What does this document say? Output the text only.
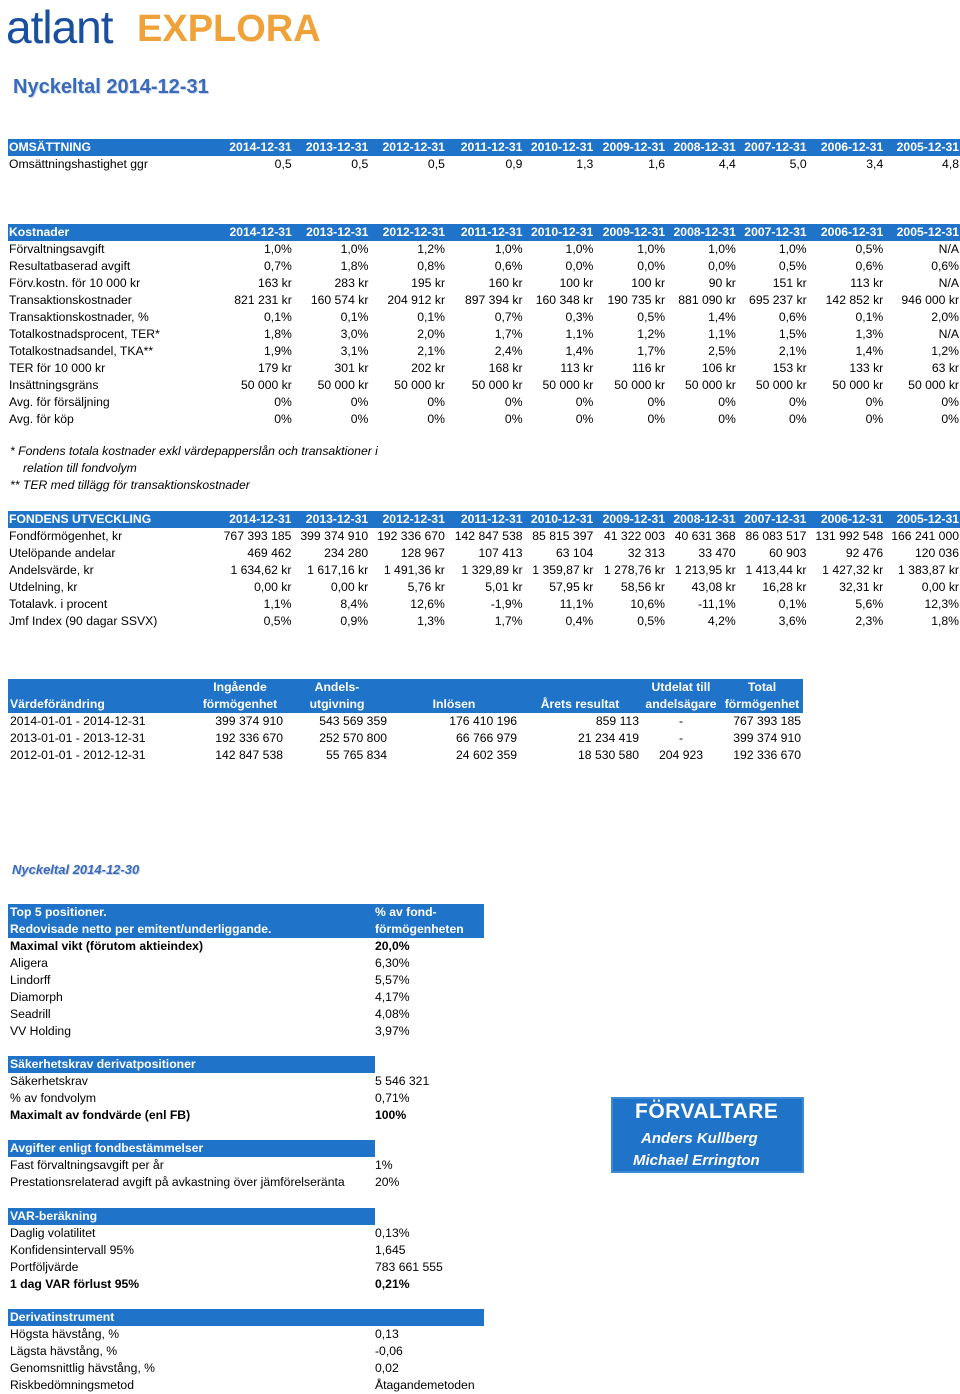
atlant EXPLORA
Nyckeltal 2014-12-31
OMSÄTTNING	2014-12-31	2013-12-31	2012-12-31	2011-12-31	2010-12-31	2009-12-31	2008-12-31	2007-12-31	2006-12-31	2005-12-31
Omsättningshastighet ggr	0,5	0,5	0,5	0,9	1,3	1,6	4,4	5,0	3,4	4,8
Kostnader	2014-12-31	2013-12-31	2012-12-31	2011-12-31	2010-12-31	2009-12-31	2008-12-31	2007-12-31	2006-12-31	2005-12-31
Förvaltningsavgift	1,0%	1,0%	1,2%	1,0%	1,0%	1,0%	1,0%	1,0%	0,5%	N/A
Resultatbaserad avgift	0,7%	1,8%	0,8%	0,6%	0,0%	0,0%	0,0%	0,5%	0,6%	0,6%
Förv.kostn. för 10 000 kr	163 kr	283 kr	195 kr	160 kr	100 kr	100 kr	90 kr	151 kr	113 kr	N/A
Transaktionskostnader	821 231 kr	160 574 kr	204 912 kr	897 394 kr	160 348 kr	190 735 kr	881 090 kr	695 237 kr	142 852 kr	946 000 kr
Transaktionskostnader, %	0,1%	0,1%	0,1%	0,7%	0,3%	0,5%	1,4%	0,6%	0,1%	2,0%
Totalkostnadsprocent, TER*	1,8%	3,0%	2,0%	1,7%	1,1%	1,2%	1,1%	1,5%	1,3%	N/A
Totalkostnadsandel, TKA**	1,9%	3,1%	2,1%	2,4%	1,4%	1,7%	2,5%	2,1%	1,4%	1,2%
TER för 10 000 kr	179 kr	301 kr	202 kr	168 kr	113 kr	116 kr	106 kr	153 kr	133 kr	63 kr
Insättningsgräns	50 000 kr	50 000 kr	50 000 kr	50 000 kr	50 000 kr	50 000 kr	50 000 kr	50 000 kr	50 000 kr	50 000 kr
Avg. för försäljning	0%	0%	0%	0%	0%	0%	0%	0%	0%	0%
Avg. för köp	0%	0%	0%	0%	0%	0%	0%	0%	0%	0%
* Fondens totala kostnader exkl värdepapperslån och transaktioner i
relation till fondvolym
** TER med tillägg för transaktionskostnader
FONDENS UTVECKLING	2014-12-31	2013-12-31	2012-12-31	2011-12-31	2010-12-31	2009-12-31	2008-12-31	2007-12-31	2006-12-31	2005-12-31
Fondförmögenhet, kr	767 393 185	399 374 910	192 336 670	142 847 538	85 815 397	41 322 003	40 631 368	86 083 517	131 992 548	166 241 000
Utelöpande andelar	469 462	234 280	128 967	107 413	63 104	32 313	33 470	60 903	92 476	120 036
Andelsvärde, kr	1 634,62 kr	1 617,16 kr	1 491,36 kr	1 329,89 kr	1 359,87 kr	1 278,76 kr	1 213,95 kr	1 413,44 kr	1 427,32 kr	1 383,87 kr
Utdelning, kr	0,00 kr	0,00 kr	5,76 kr	5,01 kr	57,95 kr	58,56 kr	43,08 kr	16,28 kr	32,31 kr	0,00 kr
Totalavk. i procent	1,1%	8,4%	12,6%	-1,9%	11,1%	10,6%	-11,1%	0,1%	5,6%	12,3%
Jmf Index (90 dagar SSVX)	0,5%	0,9%	1,3%	1,7%	0,4%	0,5%	4,2%	3,6%	2,3%	1,8%
	Ingående	Andels-			Utdelat till	Total
Värdeförändring	förmögenhet	utgivning	Inlösen	Årets resultat	andelsägare	förmögenhet
2014-01-01 - 2014-12-31	399 374 910	543 569 359	176 410 196	859 113	-	767 393 185
2013-01-01 - 2013-12-31	192 336 670	252 570 800	66 766 979	21 234 419	-	399 374 910
2012-01-01 - 2012-12-31	142 847 538	55 765 834	24 602 359	18 530 580	204 923	192 336 670
Nyckeltal 2014-12-30
Top 5 positioner.	% av fond-
Redovisade netto per emitent/underliggande.	förmögenheten
Maximal vikt (förutom aktieindex)	20,0%
Aligera	6,30%
Lindorff	5,57%
Diamorph	4,17%
Seadrill	4,08%
VV Holding	3,97%
Säkerhetskrav derivatpositioner
Säkerhetskrav	5 546 321
% av fondvolym	0,71%
Maximalt av fondvärde (enl FB)	100%
Avgifter enligt fondbestämmelser
Fast förvaltningsavgift per år	1%
Prestationsrelaterad avgift på avkastning över jämförelseränta 20%
VAR-beräkning
Daglig volatilitet	0,13%
Konfidensintervall 95%	1,645
Portföljvärde	783 661 555
1 dag VAR förlust 95%	0,21%
Derivatinstrument
Högsta hävstång, %	0,13
Lägsta hävstång, %	-0,06
Genomsnittlig hävstång, %	0,02
Riskbedömningsmetod	Åtagandemetoden
FÖRVALTARE
Anders Kullberg
Michael Errington
